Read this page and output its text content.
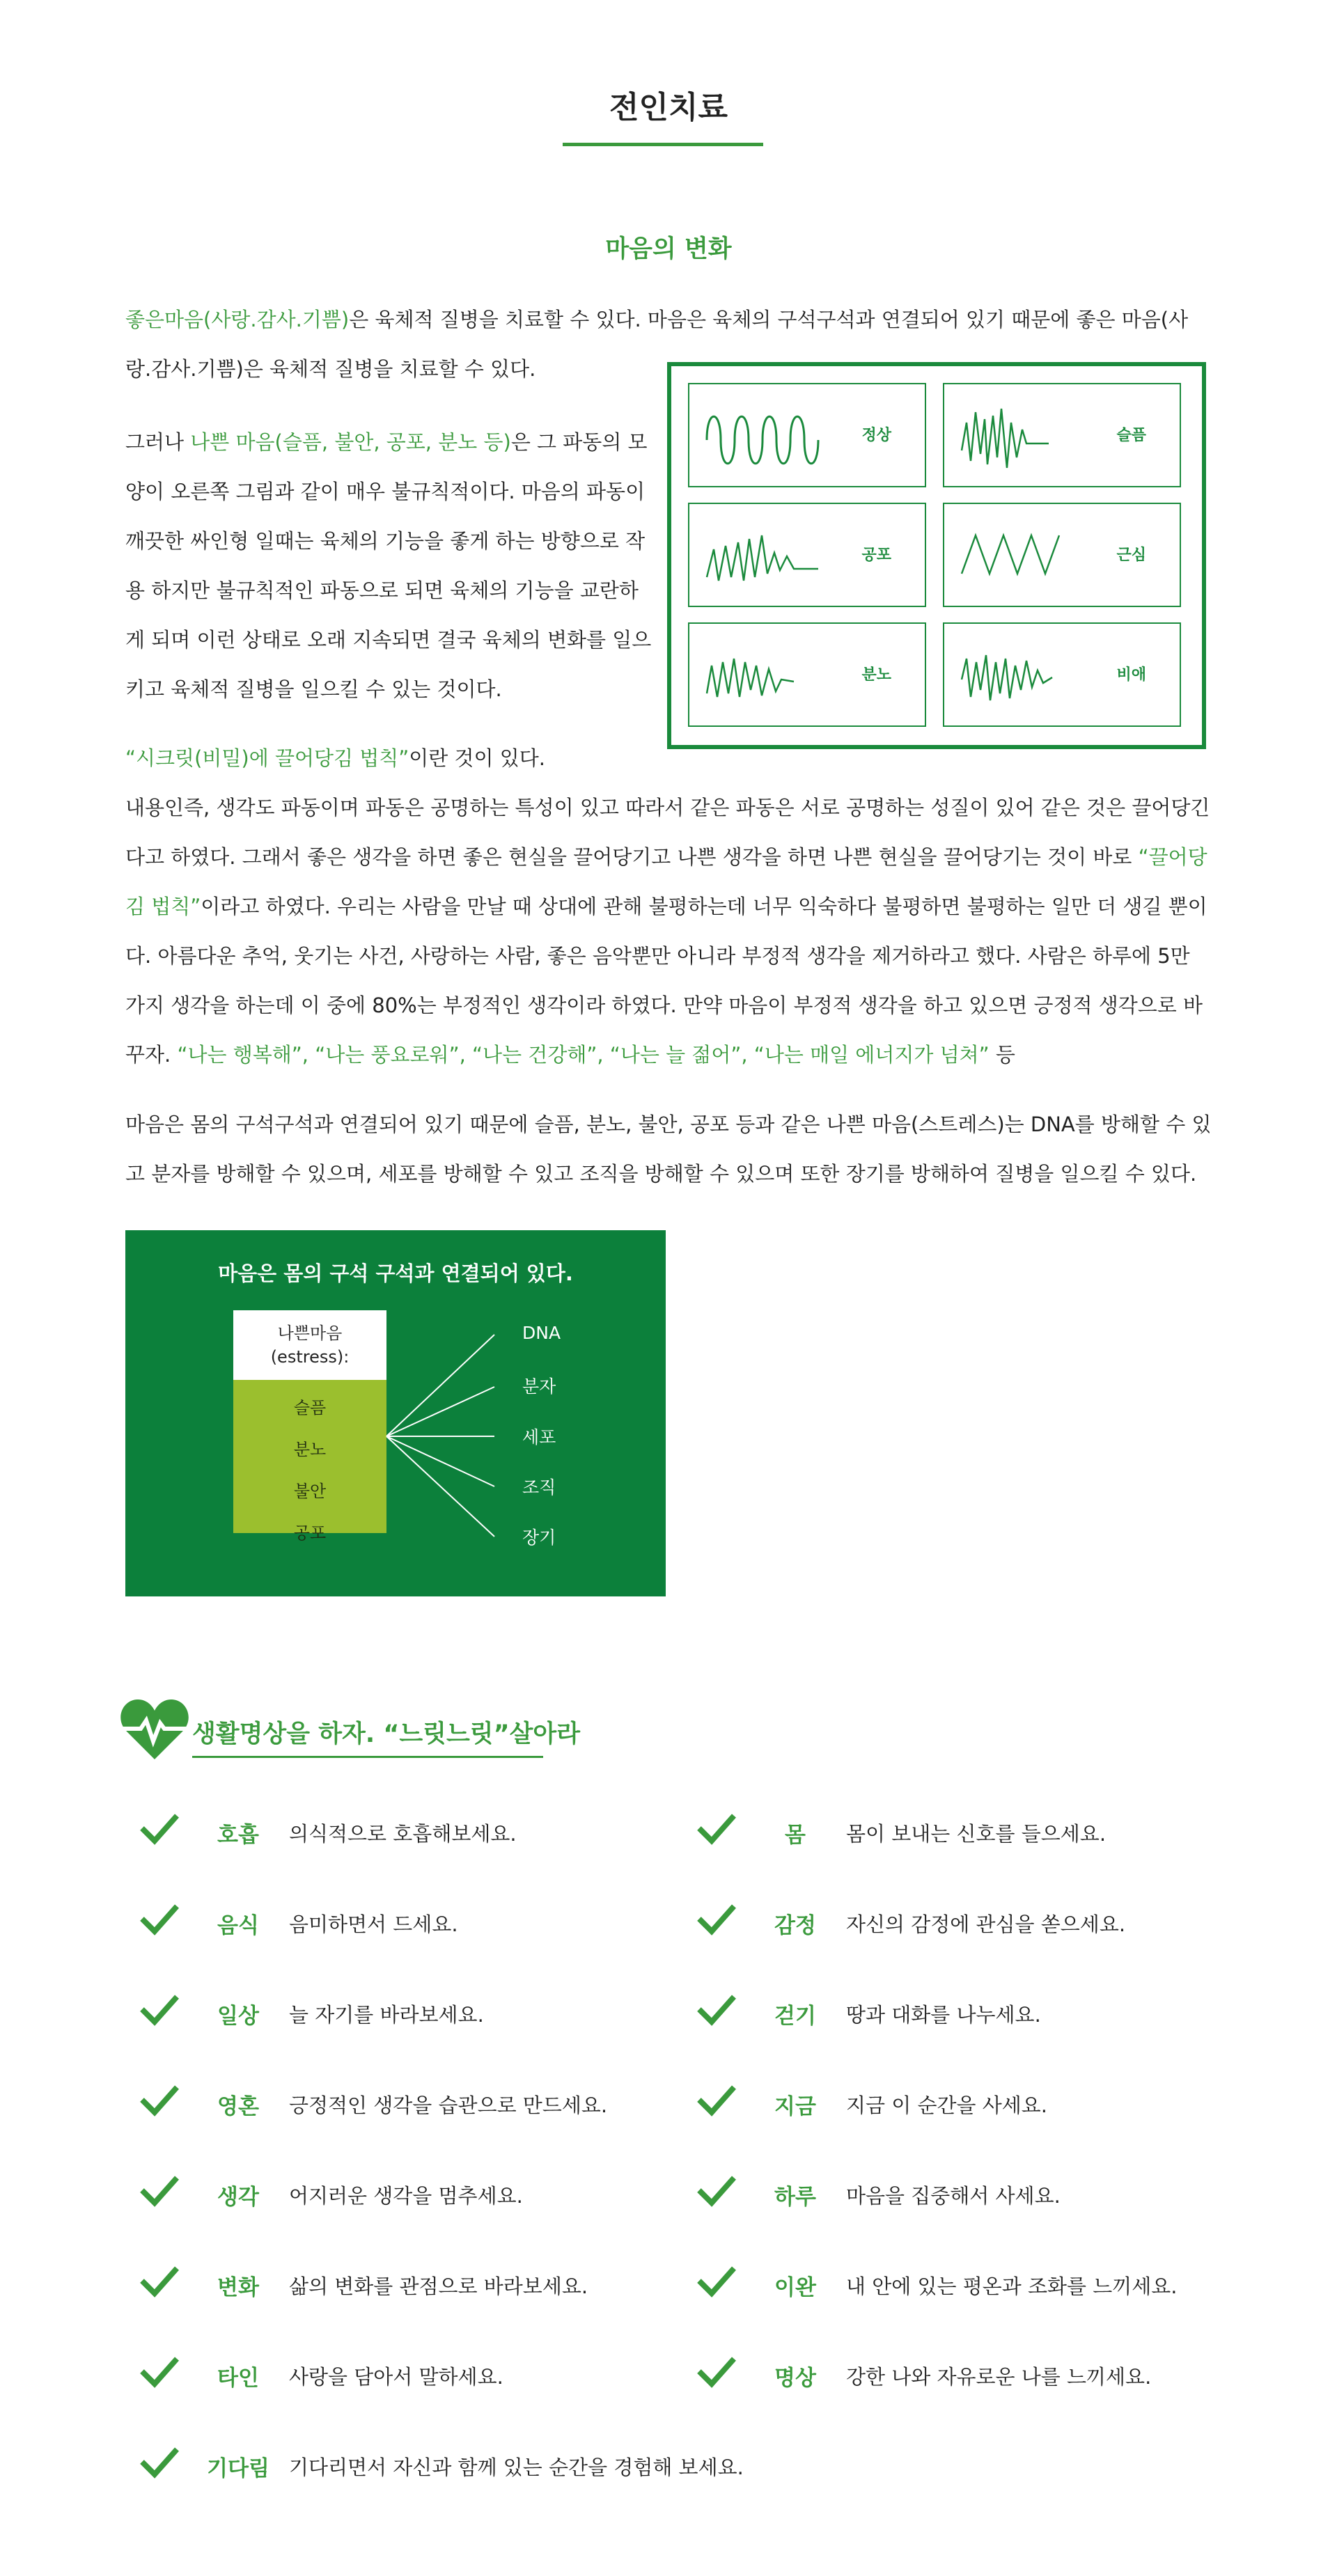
전인치료
마음의 변화
좋은마음(사랑.감사.기쁨)은 육체적 질병을 치료할 수 있다. 마음은 육체의 구석구석과 연결되어 있기 때문에 좋은 마음(사랑.감사.기쁨)은 육체적 질병을 치료할 수 있다.
그러나 나쁜 마음(슬픔, 불안, 공포, 분노 등)은 그 파동의 모양이 오른쪽 그림과 같이 매우 불규칙적이다. 마음의 파동이 깨끗한 싸인형 일때는 육체의 기능을 좋게 하는 방향으로 작용 하지만 불규칙적인 파동으로 되면 육체의 기능을 교란하게 되며 이런 상태로 오래 지속되면 결국 육체의 변화를 일으키고 육체적 질병을 일으킬 수 있는 것이다.
정상	슬픔
공포	근심
분노	비애
“시크릿(비밀)에 끌어당김 법칙”이란 것이 있다.
내용인즉, 생각도 파동이며 파동은 공명하는 특성이 있고 따라서 같은 파동은 서로 공명하는 성질이 있어 같은 것은 끌어당긴다고 하였다. 그래서 좋은 생각을 하면 좋은 현실을 끌어당기고 나쁜 생각을 하면 나쁜 현실을 끌어당기는 것이 바로 “끌어당김 법칙”이라고 하였다. 우리는 사람을 만날 때 상대에 관해 불평하는데 너무 익숙하다 불평하면 불평하는 일만 더 생길 뿐이다. 아름다운 추억, 웃기는 사건, 사랑하는 사람, 좋은 음악뿐만 아니라 부정적 생각을 제거하라고 했다. 사람은 하루에 5만 가지 생각을 하는데 이 중에 80%는 부정적인 생각이라 하였다. 만약 마음이 부정적 생각을 하고 있으면 긍정적 생각으로 바꾸자. “나는 행복해”, “나는 풍요로워”, “나는 건강해”, “나는 늘 젊어”, “나는 매일 에너지가 넘쳐” 등
마음은 몸의 구석구석과 연결되어 있기 때문에 슬픔, 분노, 불안, 공포 등과 같은 나쁜 마음(스트레스)는 DNA를 방해할 수 있고 분자를 방해할 수 있으며, 세포를 방해할 수 있고 조직을 방해할 수 있으며 또한 장기를 방해하여 질병을 일으킬 수 있다.
마음은 몸의 구석 구석과 연결되어 있다.
나쁜마음
(estress):
슬픔
분노
불안
공포
DNA
분자
세포
조직
장기
생활명상을 하자. “느릿느릿”살아라
호흡	의식적으로 호흡해보세요.
음식	음미하면서 드세요.
일상	늘 자기를 바라보세요.
영혼	긍정적인 생각을 습관으로 만드세요.
생각	어지러운 생각을 멈추세요.
변화	삶의 변화를 관점으로 바라보세요.
타인	사랑을 담아서 말하세요.
기다림 기다리면서 자신과 함께 있는 순간을 경험해 보세요.
몸	몸이 보내는 신호를 들으세요.
감정	자신의 감정에 관심을 쏟으세요.
걷기	땅과 대화를 나누세요.
지금	지금 이 순간을 사세요.
하루	마음을 집중해서 사세요.
이완	내 안에 있는 평온과 조화를 느끼세요.
명상	강한 나와 자유로운 나를 느끼세요.
